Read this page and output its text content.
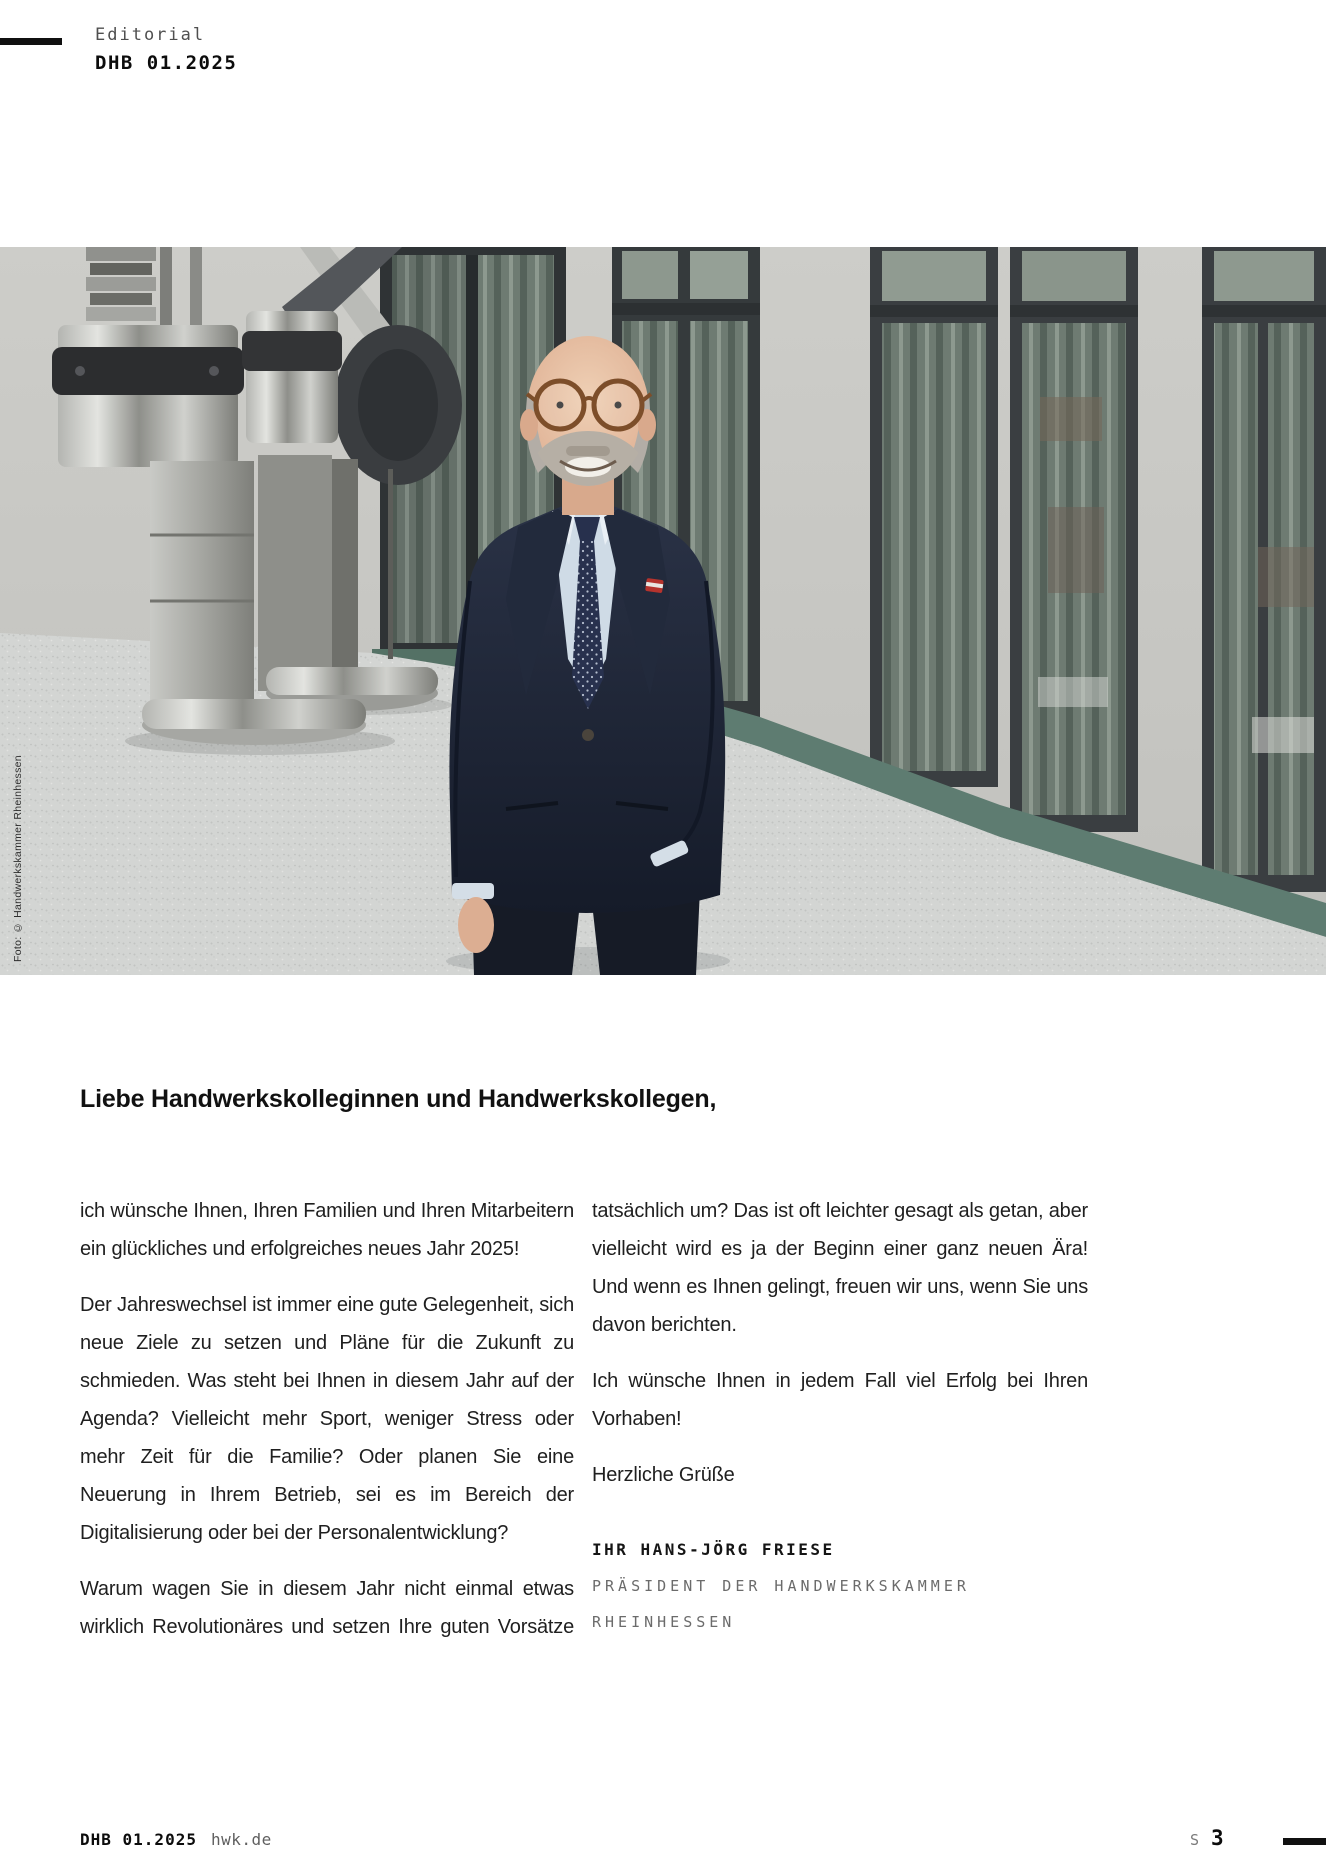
Editorial
DHB 01.2025
Foto: © Handwerkskammer Rheinhessen
Liebe Handwerkskolleginnen und Handwerkskollegen,

ich wünsche Ihnen, Ihren Familien und Ihren Mitarbeitern ein glückliches und erfolgreiches neues Jahr 2025!

Der Jahreswechsel ist immer eine gute Gelegenheit, sich neue Ziele zu setzen und Pläne für die Zukunft zu schmieden. Was steht bei Ihnen in diesem Jahr auf der Agenda? Vielleicht mehr Sport, weniger Stress oder mehr Zeit für die Familie? Oder planen Sie eine Neuerung in Ihrem Betrieb, sei es im Bereich der Digitalisierung oder bei der Personalentwicklung?

Warum wagen Sie in diesem Jahr nicht einmal etwas wirklich Revolutionäres und setzen Ihre guten Vorsätze

tatsächlich um? Das ist oft leichter gesagt als getan, aber vielleicht wird es ja der Beginn einer ganz neuen Ära! Und wenn es Ihnen gelingt, freuen wir uns, wenn Sie uns davon berichten.

Ich wünsche Ihnen in jedem Fall viel Erfolg bei Ihren Vorhaben!

Herzliche Grüße

IHR HANS-JÖRG FRIESE

PRÄSIDENT DER HANDWERKSKAMMER

RHEINHESSEN

DHB 01.2025 hwk.de	S 3
